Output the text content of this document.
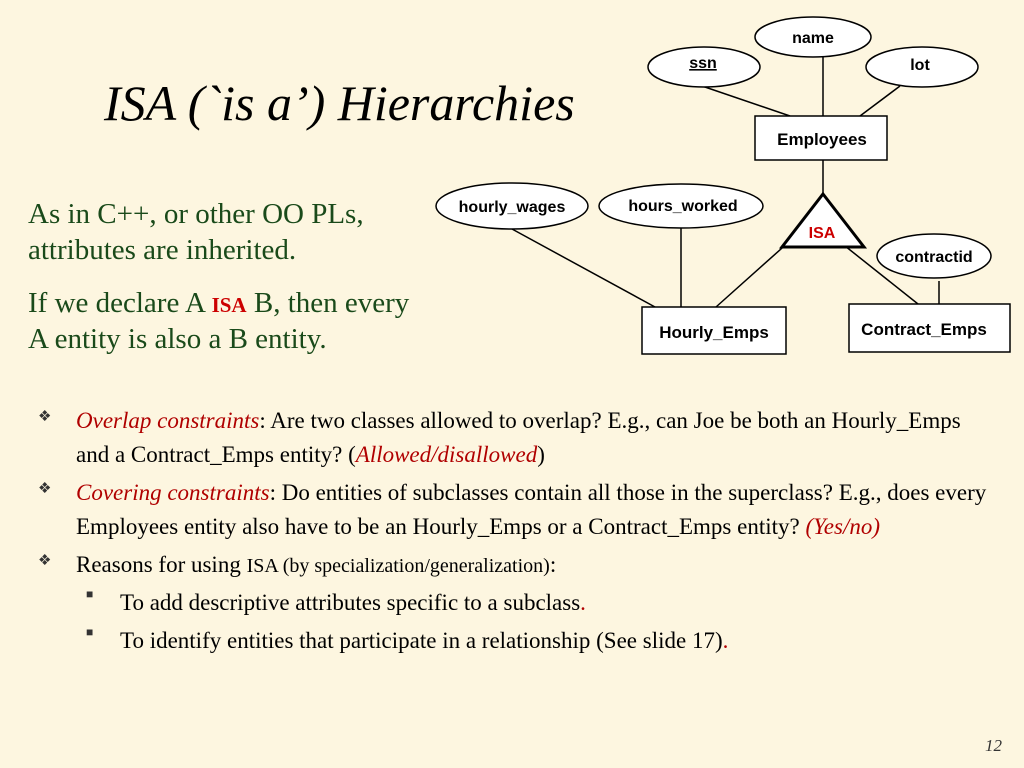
ISA (`is a’) Hierarchies
As in C++, or other OO PLs,
attributes are inherited.
If we declare A ISA B, then every
A entity is also a B entity.
name
ssn	lot
hourly_wages	hours_worked
contractid
Employees
Hourly_Emps	Contract_Emps
ISA
❖ Overlap constraints: Are two classes allowed to overlap? E.g., can Joe be both an Hourly_Emps and a Contract_Emps entity? (Allowed/disallowed)
❖ Covering constraints: Do entities of subclasses contain all those in the superclass? E.g., does every Employees entity also have to be an Hourly_Emps or a Contract_Emps entity? (Yes/no)
❖ Reasons for using ISA (by specialization/generalization):
■ To add descriptive attributes specific to a subclass.
■ To identify entities that participate in a relationship (See slide 17).
12
